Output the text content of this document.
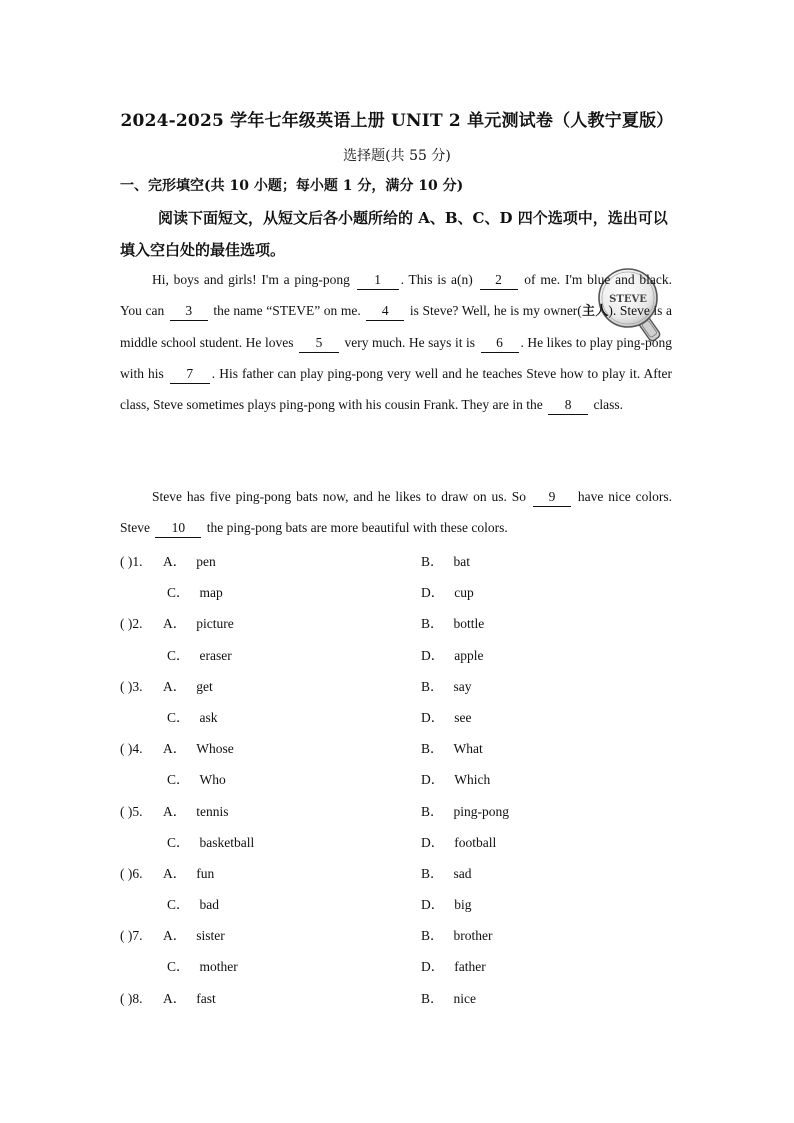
2024-2025 学年七年级英语上册 UNIT 2 单元测试卷（人教宁夏版）
选择题(共 55 分)
一、完形填空(共 10 小题；每小题 1 分，满分 10 分)
阅读下面短文，从短文后各小题所给的 A、B、C、D 四个选项中，选出可以填入空白处的最佳选项。
STEVE
Hi, boys and girls! I'm a ping-pong 1 . This is a(n) 2 of me. I'm blue and black. You can 3 the name “STEVE” on me. 4 is Steve? Well, he is my owner(主人). Steve is a middle school student. He loves 5 very much. He says it is 6 . He likes to play ping-pong with his 7 . His father can play ping-pong very well and he teaches Steve how to play it. After class, Steve sometimes plays ping-pong with his cousin Frank. They are in the 8 class.
Steve has five ping-pong bats now, and he likes to draw on us. So 9 have nice colors. Steve 10 the ping-pong bats are more beautiful with these colors.
( )1. A． pen	B． bat
C． map	D． cup
( )2. A． picture	B． bottle
C． eraser	D． apple
( )3. A． get	B． say
C． ask	D． see
( )4. A． Whose	B． What
C． Who	D． Which
( )5. A． tennis	B． ping-pong
C． basketball	D． football
( )6. A． fun	B． sad
C． bad	D． big
( )7. A． sister	B． brother
C． mother	D． father
( )8. A． fast	B． nice
